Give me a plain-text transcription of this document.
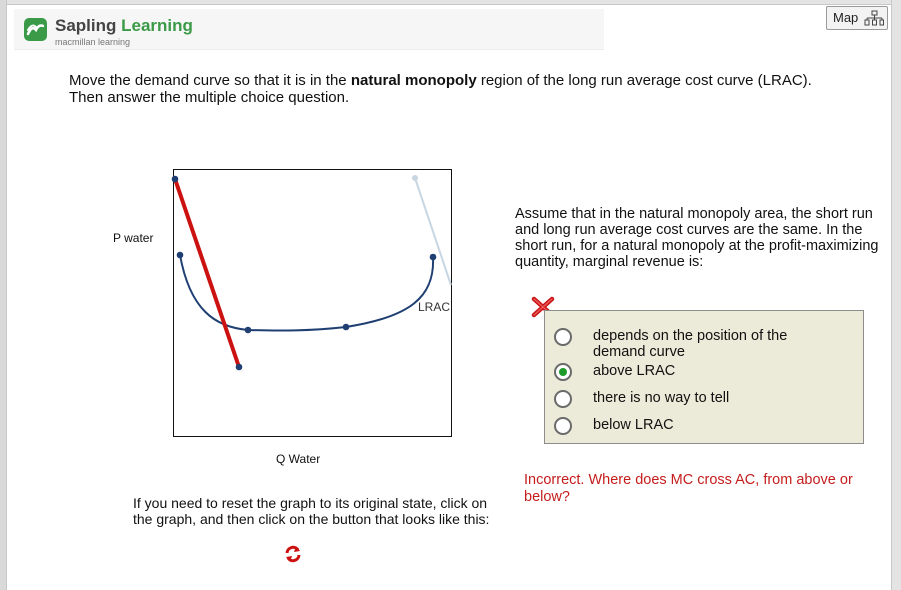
Sapling Learning
macmillan learning
Map
Move the demand curve so that it is in the natural monopoly region of the long run average cost curve (LRAC). Then answer the multiple choice question.
P water
LRAC
Q Water
If you need to reset the graph to its original state, click on the graph, and then click on the button that looks like this:
Assume that in the natural monopoly area, the short run and long run average cost curves are the same. In the short run, for a natural monopoly at the profit-maximizing quantity, marginal revenue is:
depends on the position of the demand curve
above LRAC
there is no way to tell
below LRAC
Incorrect. Where does MC cross AC, from above or below?
